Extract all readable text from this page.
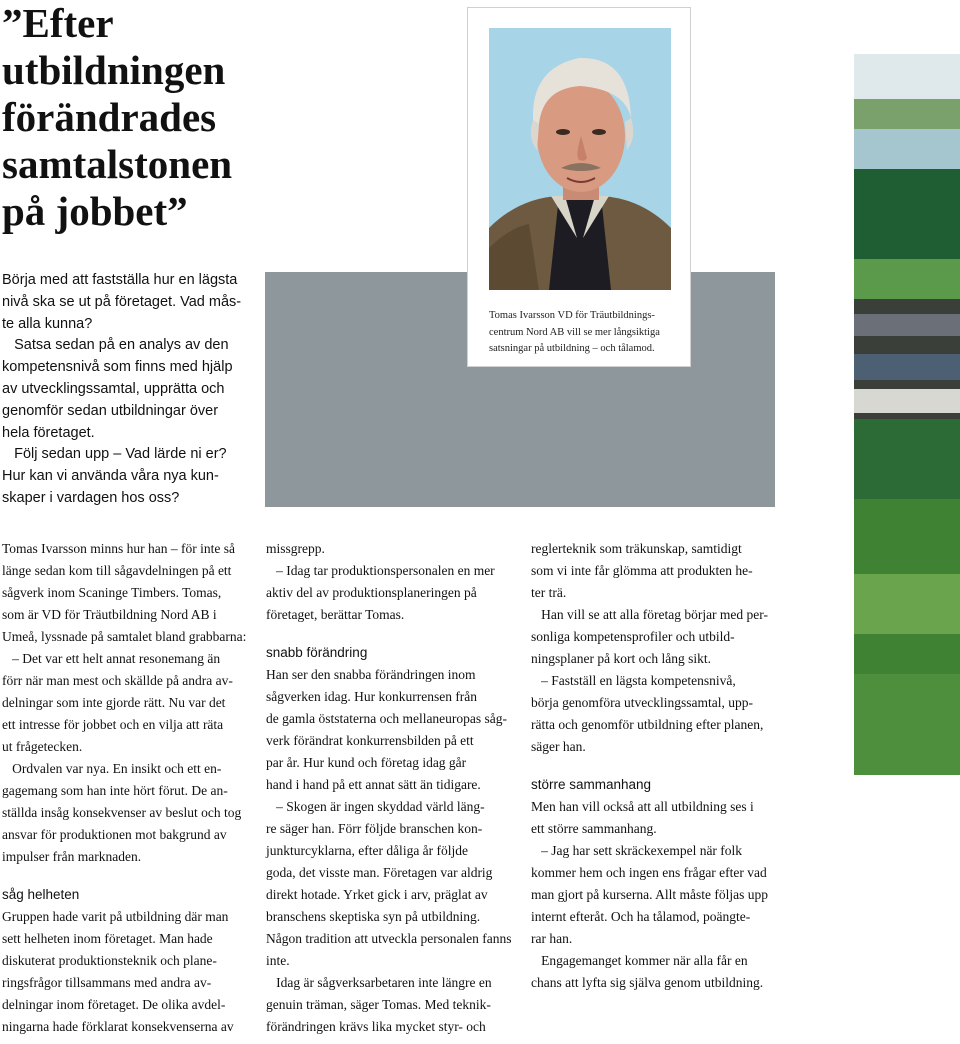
”Efter
utbildningen
förändrades
samtalstonen
på jobbet”
Börja med att fastställa hur en lägsta
nivå ska se ut på företaget. Vad mås-
te alla kunna?
Satsa sedan på en analys av den
kompetensnivå som finns med hjälp
av utvecklingssamtal, upprätta och
genomför sedan utbildningar över
hela företaget.
Följ sedan upp – Vad lärde ni er?
Hur kan vi använda våra nya kun-
skaper i vardagen hos oss?
Tomas Ivarsson VD för Träutbildnings-
centrum Nord AB vill se mer långsiktiga
satsningar på utbildning – och tålamod.
Tomas Ivarsson minns hur han – för inte så
länge sedan kom till sågavdelningen på ett
sågverk inom Scaninge Timbers. Tomas,
som är VD för Träutbildning Nord AB i
Umeå, lyssnade på samtalet bland grabbarna:
– Det var ett helt annat resonemang än
förr när man mest och skällde på andra av-
delningar som inte gjorde rätt. Nu var det
ett intresse för jobbet och en vilja att räta
ut frågetecken.
Ordvalen var nya. En insikt och ett en-
gagemang som han inte hört förut. De an-
ställda insåg konsekvenser av beslut och tog
ansvar för produktionen mot bakgrund av
impulser från marknaden.
såg helheten
Gruppen hade varit på utbildning där man
sett helheten inom företaget. Man hade
diskuterat produktionsteknik och plane-
ringsfrågor tillsammans med andra av-
delningar inom företaget. De olika avdel-
ningarna hade förklarat konsekvenserna av
missgrepp.
– Idag tar produktionspersonalen en mer
aktiv del av produktionsplaneringen på
företaget, berättar Tomas.
snabb förändring
Han ser den snabba förändringen inom
sågverken idag. Hur konkurrensen från
de gamla öststaterna och mellaneuropas såg-
verk förändrat konkurrensbilden på ett
par år. Hur kund och företag idag går
hand i hand på ett annat sätt än tidigare.
– Skogen är ingen skyddad värld läng-
re säger han. Förr följde branschen kon-
junkturcyklarna, efter dåliga år följde
goda, det visste man. Företagen var aldrig
direkt hotade. Yrket gick i arv, präglat av
branschens skeptiska syn på utbildning.
Någon tradition att utveckla personalen fanns
inte.
Idag är sågverksarbetaren inte längre en
genuin träman, säger Tomas. Med teknik-
förändringen krävs lika mycket styr- och
reglerteknik som träkunskap, samtidigt
som vi inte får glömma att produkten he-
ter trä.
Han vill se att alla företag börjar med per-
sonliga kompetensprofiler och utbild-
ningsplaner på kort och lång sikt.
– Fastställ en lägsta kompetensnivå,
börja genomföra utvecklingssamtal, upp-
rätta och genomför utbildning efter planen,
säger han.
större sammanhang
Men han vill också att all utbildning ses i
ett större sammanhang.
– Jag har sett skräckexempel när folk
kommer hem och ingen ens frågar efter vad
man gjort på kurserna. Allt måste följas upp
internt efteråt. Och ha tålamod, poängte-
rar han.
Engagemanget kommer när alla får en
chans att lyfta sig själva genom utbildning.
